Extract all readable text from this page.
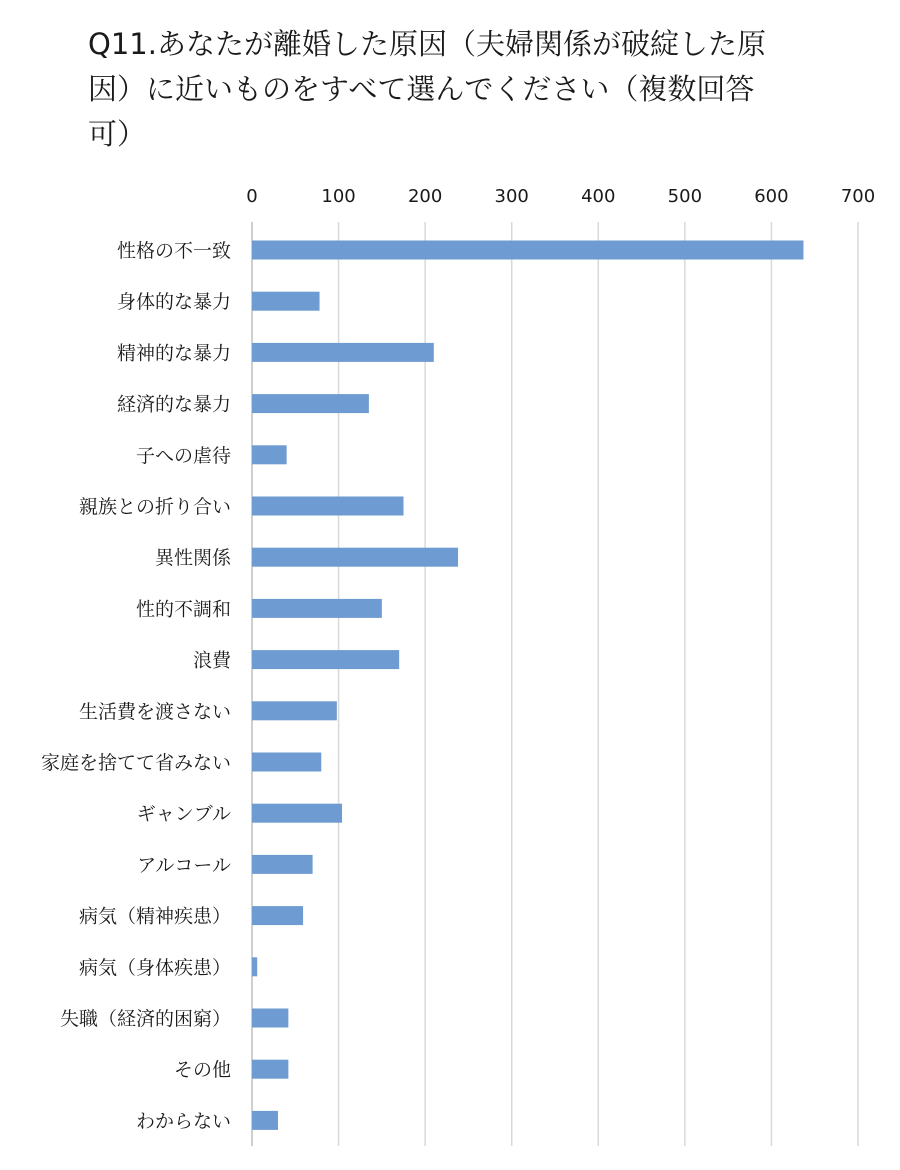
Q11.あなたが離婚した原因（夫婦関係が破綻した原因）に近いものをすべて選んでください（複数回答可）
0	100	200	300	400	500	600	700
性格の不一致
身体的な暴力
精神的な暴力
経済的な暴力
子への虐待
親族との折り合い
異性関係
性的不調和
浪費
生活費を渡さない
家庭を捨てて省みない
ギャンブル
アルコール
病気（精神疾患）
病気（身体疾患）
失職（経済的困窮）
その他
わからない
